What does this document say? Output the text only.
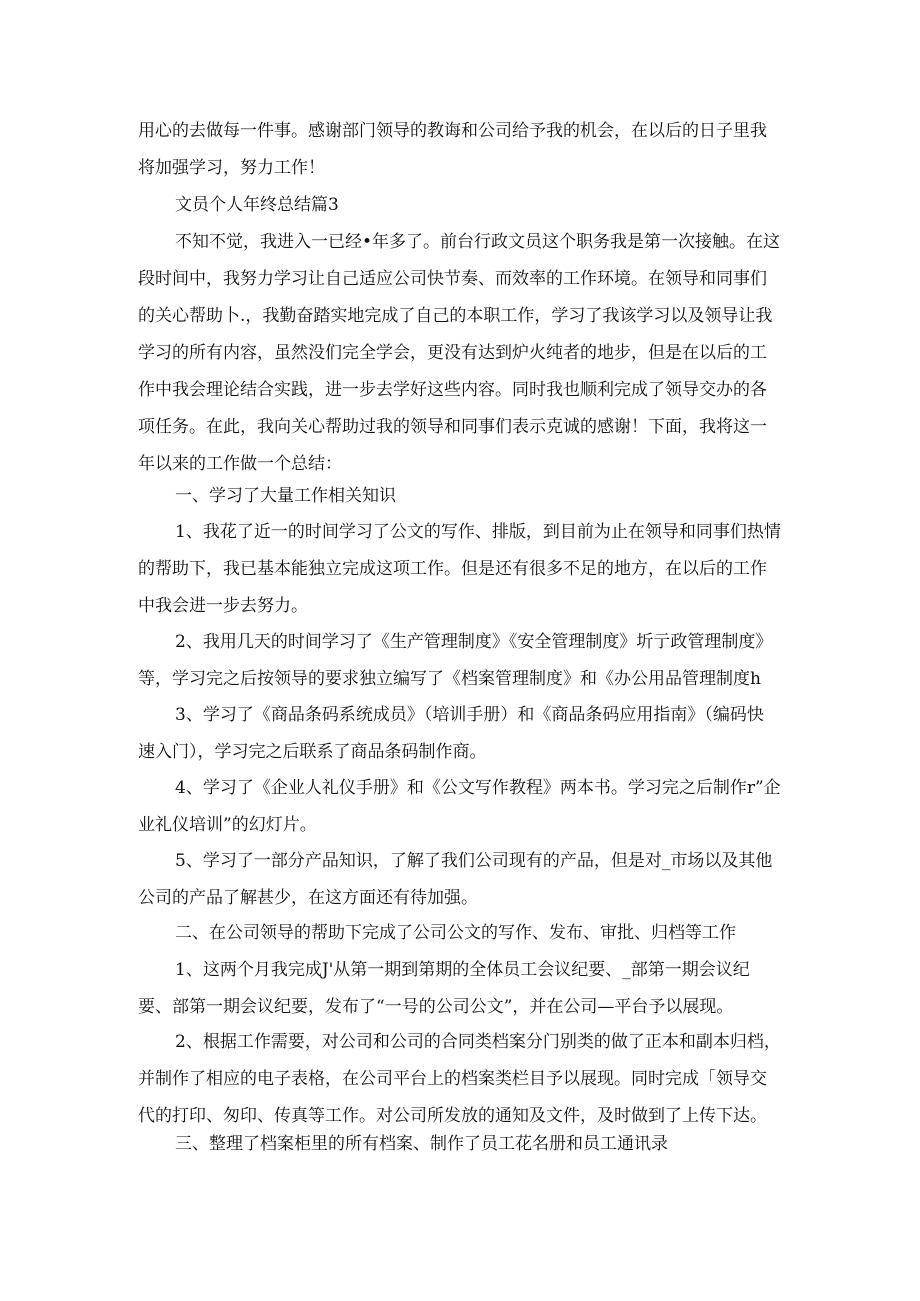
用心的去做每一件事。感谢部门领导的教诲和公司给予我的机会，在以后的日子里我
将加强学习，努力工作！
文员个人年终总结篇3
不知不觉，我进入一已经•年多了。前台行政文员这个职务我是第一次接触。在这
段时间中，我努力学习让自己适应公司快节奏、而效率的工作环境。在领导和同事们
的关心帮助卜.，我勤奋踏实地完成了自己的本职工作，学习了我该学习以及领导让我
学习的所有内容，虽然没们完全学会，更没有达到炉火纯者的地步，但是在以后的工
作中我会理论结合实践，进一步去学好这些内容。同时我也顺利完成了领导交办的各
项任务。在此，我向关心帮助过我的领导和同事们表示克诚的感谢！下面，我将这一
年以来的工作做一个总结：
一、学习了大量工作相关知识
1、我花了近一的时间学习了公文的写作、排版，到目前为止在领导和同事们热情
的帮助下，我已基本能独立完成这项工作。但是还有很多不足的地方，在以后的工作
中我会进一步去努力。
2、我用几天的时间学习了《生产管理制度》《安全管理制度》圻亍政管理制度》
等，学习完之后按领导的要求独立编写了《档案管理制度》和《办公用品管理制度h
3、学习了《商品条码系统成员》（培训手册）和《商品条码应用指南》（编码快
速入门），学习完之后联系了商品条码制作商。
4、学习了《企业人礼仪手册》和《公文写作教程》两本书。学习完之后制作r”企
业礼仪培训”的幻灯片。
5、学习了一部分产品知识，了解了我们公司现有的产品，但是对_市场以及其他
公司的产品了解甚少，在这方面还有待加强。
二、在公司领导的帮助下完成了公司公文的写作、发布、审批、归档等工作
1、这两个月我完成J'从第一期到第期的全体员工会议纪要、_部第一期会议纪
要、部第一期会议纪要，发布了“一号的公司公文”，并在公司—平台予以展现。
2、根据工作需要，对公司和公司的合同类档案分门别类的做了正本和副本归档，
并制作了相应的电子表格，在公司平台上的档案类栏目予以展现。同时完成「领导交
代的打印、匆印、传真等工作。对公司所发放的通知及文件，及时做到了上传下达。
三、整理了档案柜里的所有档案、制作了员工花名册和员工通讯录
